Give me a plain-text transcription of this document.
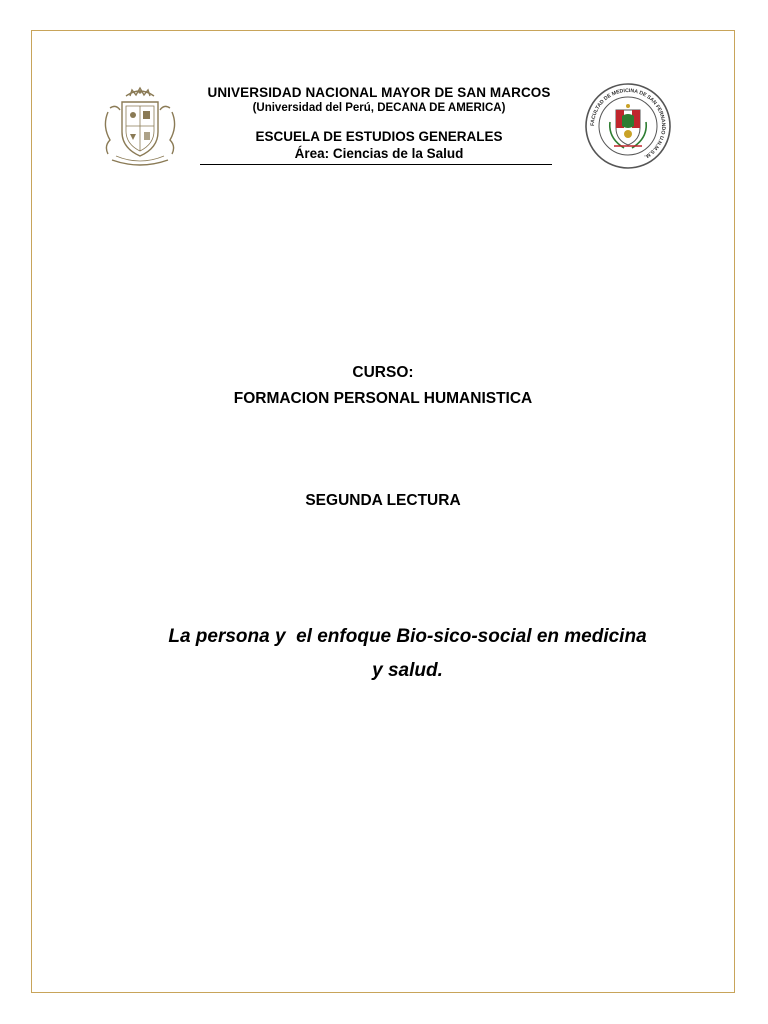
UNIVERSIDAD NACIONAL MAYOR DE SAN MARCOS
(Universidad del Perú, DECANA DE AMERICA)
ESCUELA DE ESTUDIOS GENERALES
Área: Ciencias de la Salud
FACULTAD DE MEDICINA DE SAN FERNANDO U.N.M.S.M.
CURSO:
FORMACION PERSONAL HUMANISTICA
SEGUNDA LECTURA
La persona y  el enfoque Bio-sico-social en medicina
y salud.
